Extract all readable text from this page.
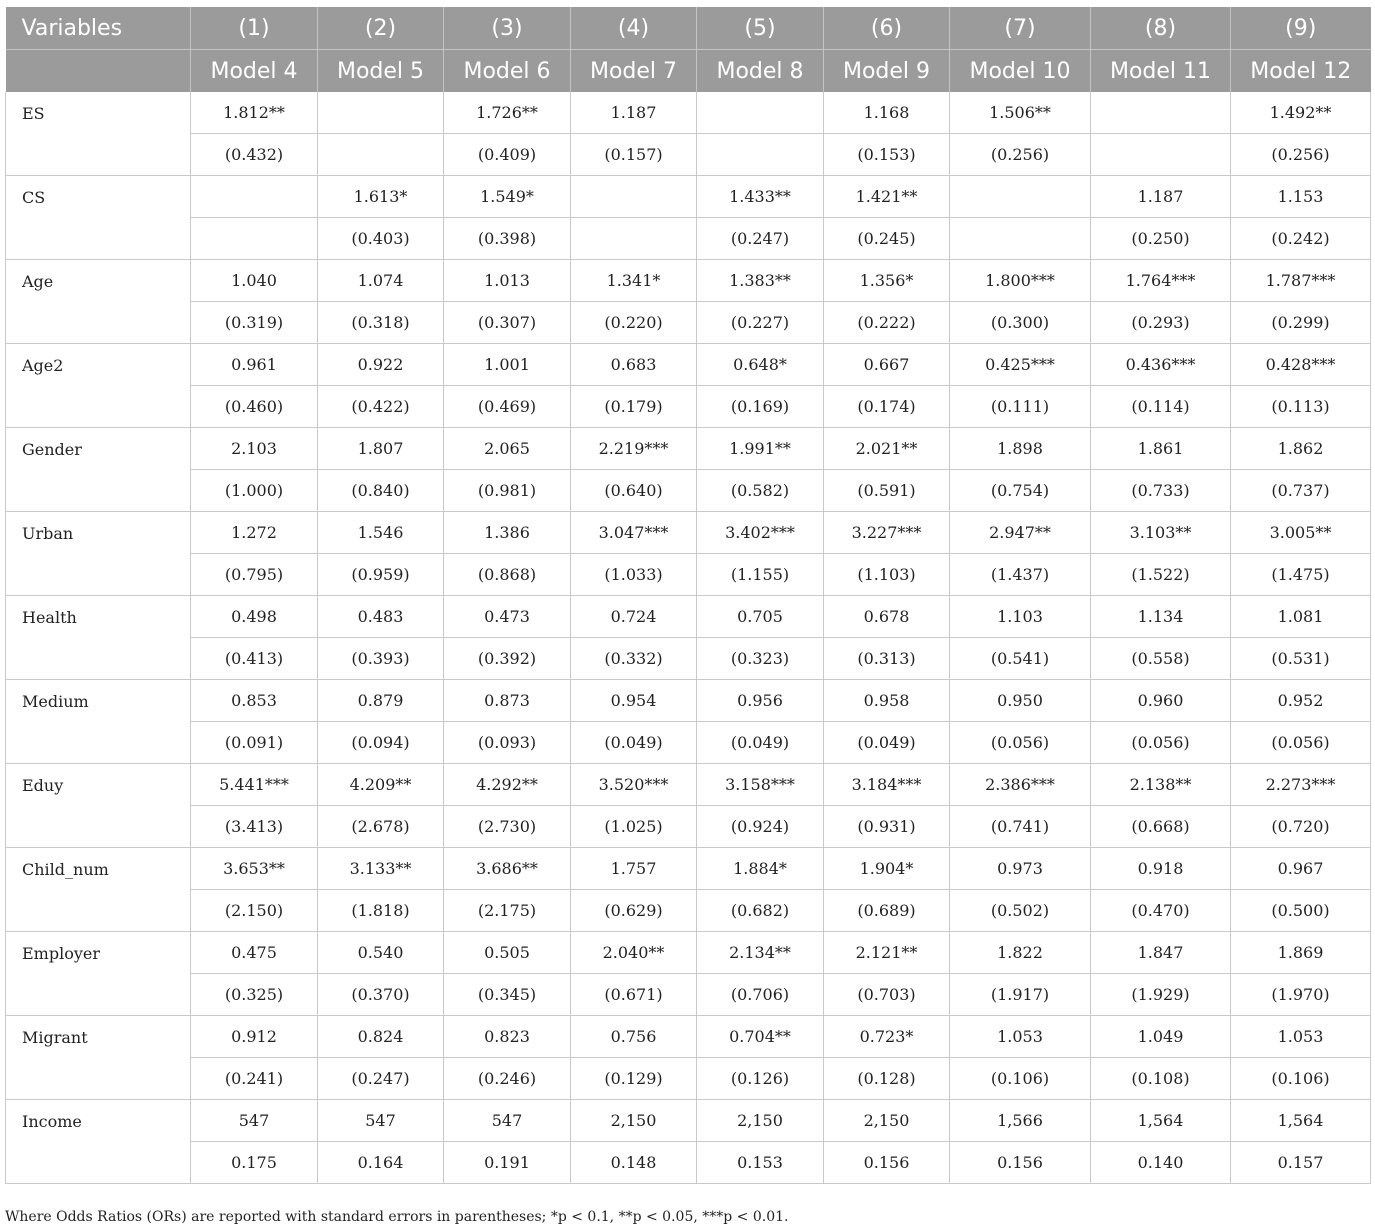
Variables	(1)	(2)	(3)	(4)	(5)	(6)	(7)	(8)	(9)
	Model 4	Model 5	Model 6	Model 7	Model 8	Model 9	Model 10	Model 11	Model 12
ES	1.812**		1.726**	1.187		1.168	1.506**		1.492**
	(0.432)		(0.409)	(0.157)		(0.153)	(0.256)		(0.256)
CS		1.613*	1.549*		1.433**	1.421**		1.187	1.153
		(0.403)	(0.398)		(0.247)	(0.245)		(0.250)	(0.242)
Age	1.040	1.074	1.013	1.341*	1.383**	1.356*	1.800***	1.764***	1.787***
	(0.319)	(0.318)	(0.307)	(0.220)	(0.227)	(0.222)	(0.300)	(0.293)	(0.299)
Age2	0.961	0.922	1.001	0.683	0.648*	0.667	0.425***	0.436***	0.428***
	(0.460)	(0.422)	(0.469)	(0.179)	(0.169)	(0.174)	(0.111)	(0.114)	(0.113)
Gender	2.103	1.807	2.065	2.219***	1.991**	2.021**	1.898	1.861	1.862
	(1.000)	(0.840)	(0.981)	(0.640)	(0.582)	(0.591)	(0.754)	(0.733)	(0.737)
Urban	1.272	1.546	1.386	3.047***	3.402***	3.227***	2.947**	3.103**	3.005**
	(0.795)	(0.959)	(0.868)	(1.033)	(1.155)	(1.103)	(1.437)	(1.522)	(1.475)
Health	0.498	0.483	0.473	0.724	0.705	0.678	1.103	1.134	1.081
	(0.413)	(0.393)	(0.392)	(0.332)	(0.323)	(0.313)	(0.541)	(0.558)	(0.531)
Medium	0.853	0.879	0.873	0.954	0.956	0.958	0.950	0.960	0.952
	(0.091)	(0.094)	(0.093)	(0.049)	(0.049)	(0.049)	(0.056)	(0.056)	(0.056)
Eduy	5.441***	4.209**	4.292**	3.520***	3.158***	3.184***	2.386***	2.138**	2.273***
	(3.413)	(2.678)	(2.730)	(1.025)	(0.924)	(0.931)	(0.741)	(0.668)	(0.720)
Child_num	3.653**	3.133**	3.686**	1.757	1.884*	1.904*	0.973	0.918	0.967
	(2.150)	(1.818)	(2.175)	(0.629)	(0.682)	(0.689)	(0.502)	(0.470)	(0.500)
Employer	0.475	0.540	0.505	2.040**	2.134**	2.121**	1.822	1.847	1.869
	(0.325)	(0.370)	(0.345)	(0.671)	(0.706)	(0.703)	(1.917)	(1.929)	(1.970)
Migrant	0.912	0.824	0.823	0.756	0.704**	0.723*	1.053	1.049	1.053
	(0.241)	(0.247)	(0.246)	(0.129)	(0.126)	(0.128)	(0.106)	(0.108)	(0.106)
Income	547	547	547	2,150	2,150	2,150	1,566	1,564	1,564
	0.175	0.164	0.191	0.148	0.153	0.156	0.156	0.140	0.157
Where Odds Ratios (ORs) are reported with standard errors in parentheses; *p < 0.1, **p < 0.05, ***p < 0.01.
